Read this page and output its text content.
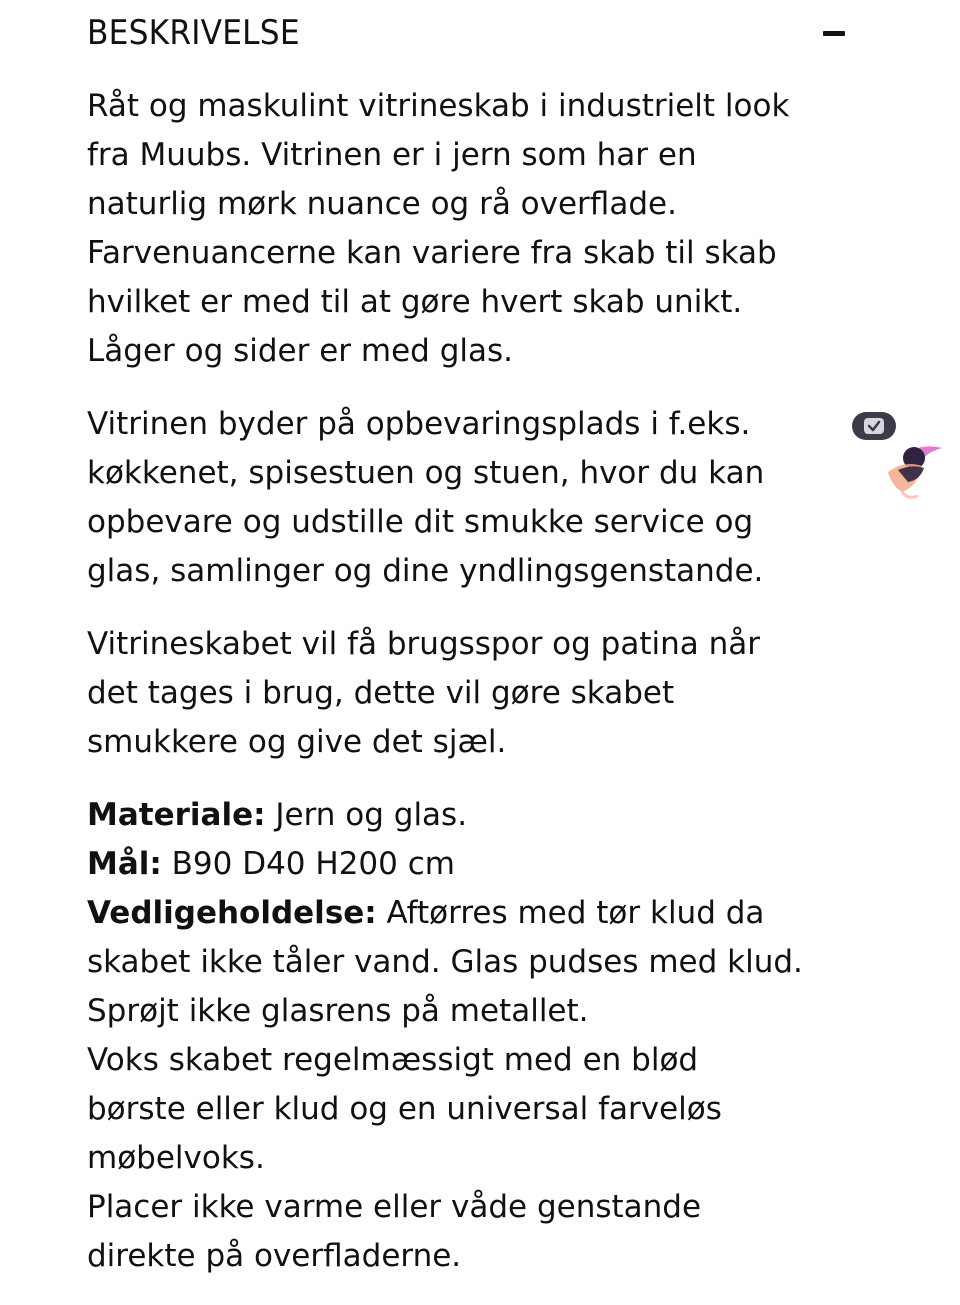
BESKRIVELSE

Råt og maskulint vitrineskab i industrielt look
fra Muubs. Vitrinen er i jern som har en
naturlig mørk nuance og rå overflade.
Farvenuancerne kan variere fra skab til skab
hvilket er med til at gøre hvert skab unikt.
Låger og sider er med glas.

Vitrinen byder på opbevaringsplads i f.eks.
køkkenet, spisestuen og stuen, hvor du kan
opbevare og udstille dit smukke service og
glas, samlinger og dine yndlingsgenstande.

Vitrineskabet vil få brugsspor og patina når
det tages i brug, dette vil gøre skabet
smukkere og give det sjæl.

Materiale: Jern og glas.
Mål: B90 D40 H200 cm
Vedligeholdelse: Aftørres med tør klud da
skabet ikke tåler vand. Glas pudses med klud.
Sprøjt ikke glasrens på metallet.
Voks skabet regelmæssigt med en blød
børste eller klud og en universal farveløs
møbelvoks.
Placer ikke varme eller våde genstande
direkte på overfladerne.
